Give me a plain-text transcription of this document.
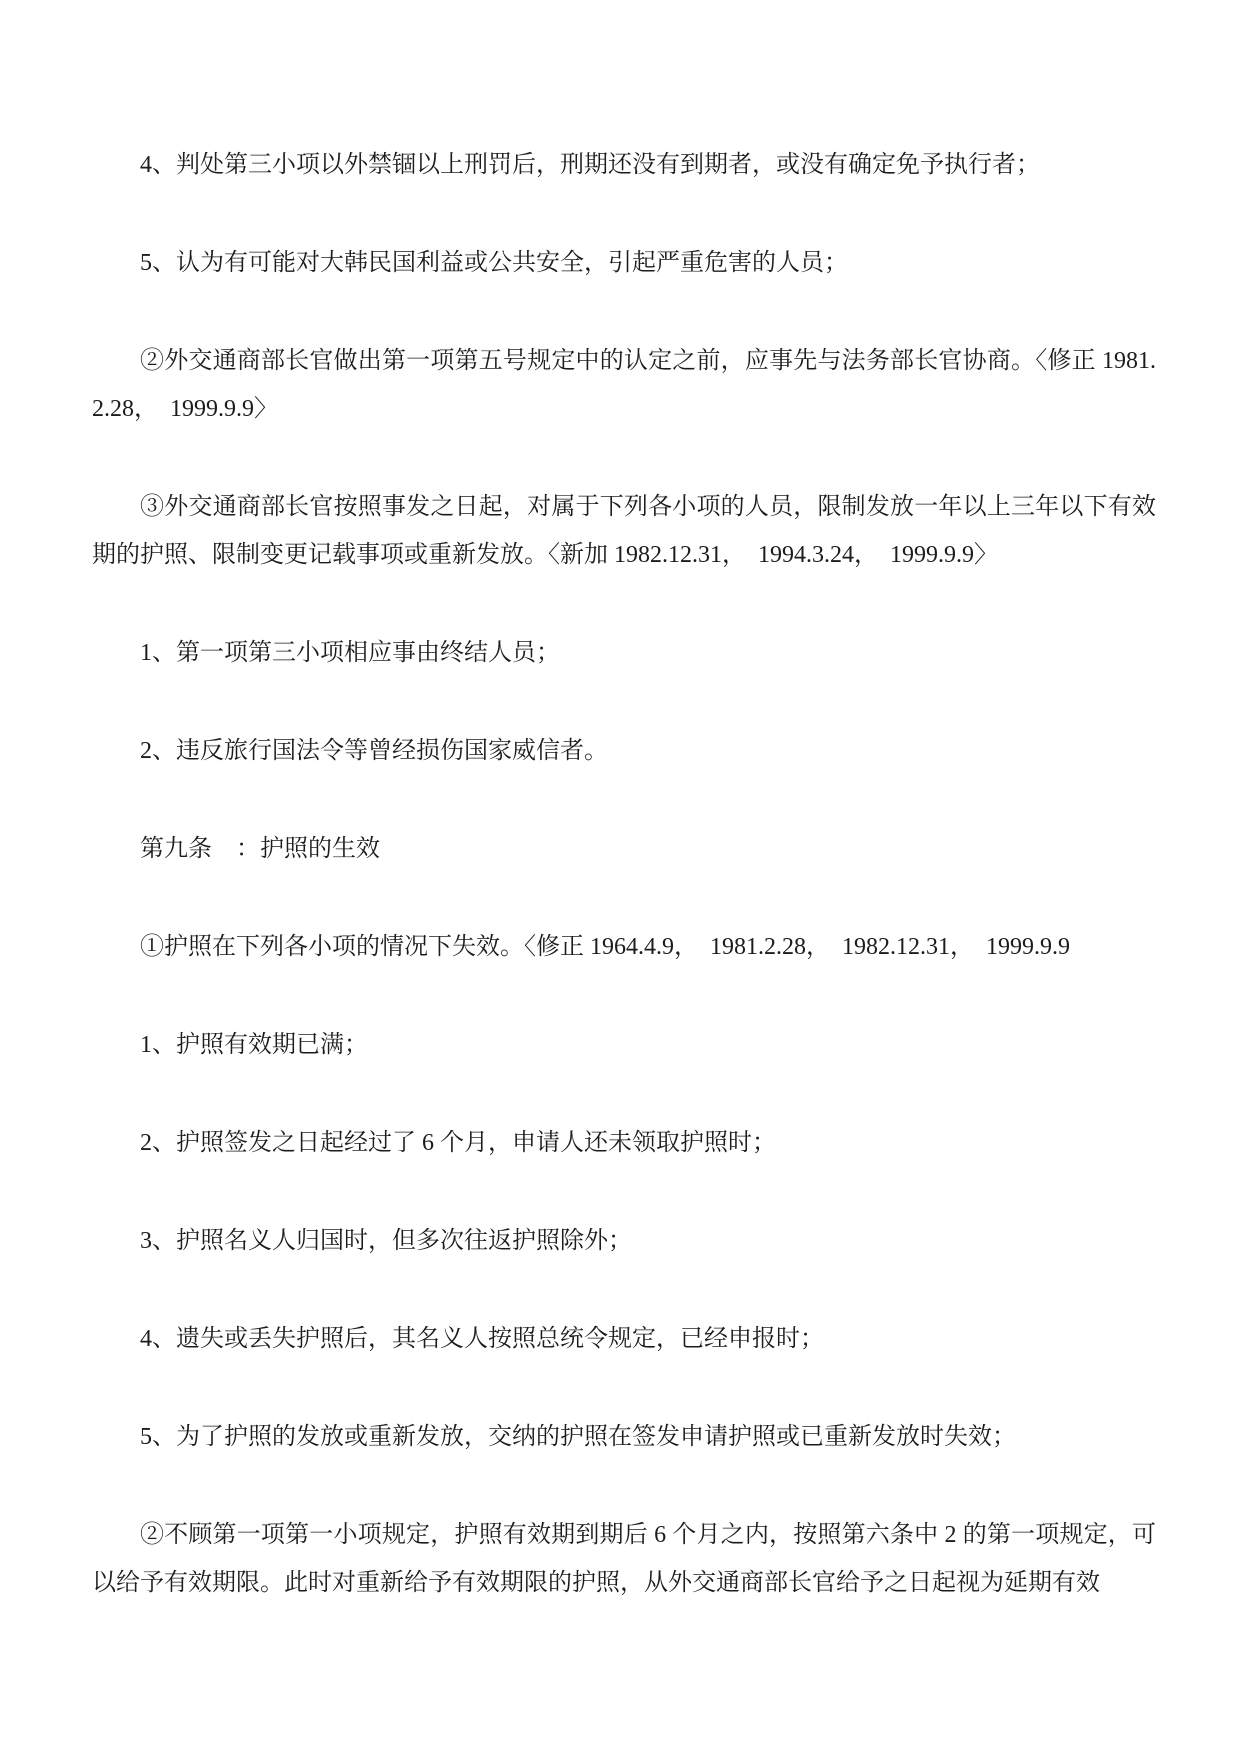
4、判处第三小项以外禁锢以上刑罚后，刑期还没有到期者，或没有确定免予执行者；

5、认为有可能对大韩民国利益或公共安全，引起严重危害的人员；

②外交通商部长官做出第一项第五号规定中的认定之前，应事先与法务部长官协商。〈修正 1981.2.28， 1999.9.9〉

③外交通商部长官按照事发之日起，对属于下列各小项的人员，限制发放一年以上三年以下有效期的护照、限制变更记载事项或重新发放。〈新加 1982.12.31， 1994.3.24， 1999.9.9〉

1、第一项第三小项相应事由终结人员；

2、违反旅行国法令等曾经损伤国家威信者。

第九条　：护照的生效

①护照在下列各小项的情况下失效。〈修正 1964.4.9， 1981.2.28， 1982.12.31， 1999.9.9

1、护照有效期已满；

2、护照签发之日起经过了 6 个月，申请人还未领取护照时；

3、护照名义人归国时，但多次往返护照除外；

4、遗失或丢失护照后，其名义人按照总统令规定，已经申报时；

5、为了护照的发放或重新发放，交纳的护照在签发申请护照或已重新发放时失效；

②不顾第一项第一小项规定，护照有效期到期后 6 个月之内，按照第六条中 2 的第一项规定，可以给予有效期限。此时对重新给予有效期限的护照，从外交通商部长官给予之日起视为延期有效
